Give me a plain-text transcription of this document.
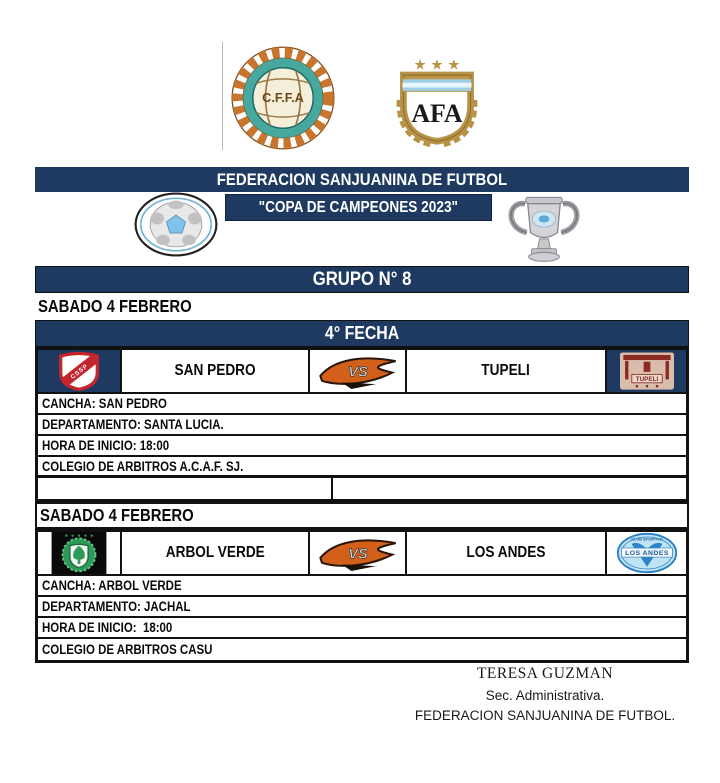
C.F.F.A
★ ★ ★
AFA
FEDERACION SANJUANINA DE FUTBOL
"COPA DE CAMPEONES 2023"
GRUPO N° 8
SABADO 4 FEBRERO
4° FECHA
CSSP	SAN PEDRO	VS	TUPELI
TUPELI
CANCHA: SAN PEDRO
DEPARTAMENTO: SANTA LUCIA.
HORA DE INICIO: 18:00
COLEGIO DE ARBITROS A.C.A.F. SJ.
SABADO 4 FEBRERO
ARBOL VERDE	VS	LOS ANDES
CLUB SPORTIVO
LOS ANDES
CANCHA: ARBOL VERDE
DEPARTAMENTO: JACHAL
HORA DE INICIO:  18:00
COLEGIO DE ARBITROS CASU
TERESA GUZMAN
Sec. Administrativa.
FEDERACION SANJUANINA DE FUTBOL.
